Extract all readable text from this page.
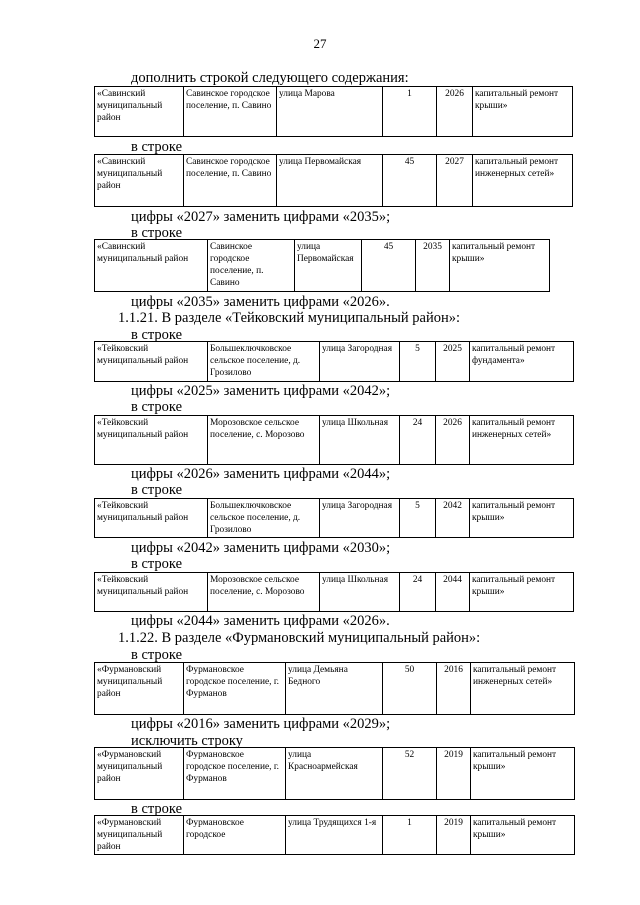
27
дополнить строкой следующего содержания:
в строке
цифры «2027» заменить цифрами «2035»;
в строке
цифры «2035» заменить цифрами «2026».
1.1.21. В разделе «Тейковский муниципальный район»:
в строке
цифры «2025» заменить цифрами «2042»;
в строке
цифры «2026» заменить цифрами «2044»;
в строке
цифры «2042» заменить цифрами «2030»;
в строке
цифры «2044» заменить цифрами «2026».
1.1.22. В разделе «Фурмановский муниципальный район»:
в строке
цифры «2016» заменить цифрами «2029»;
исключить строку
в строке
«Савинский муниципальный район	Савинское городское поселение, п. Савино	улица Марова	1	2026	капитальный ремонт крыши»
«Савинский муниципальный район	Савинское городское поселение, п. Савино	улица Первомайская	45	2027	капитальный ремонт инженерных сетей»
«Савинский муниципальный район	Савинское городское поселение, п. Савино	улица Первомайская	45	2035	капитальный ремонт крыши»
«Тейковский муниципальный район	Большеключковское сельское поселение, д. Грозилово	улица Загородная	5	2025	капитальный ремонт фундамента»
«Тейковский муниципальный район	Морозовское сельское поселение, с. Морозово	улица Школьная	24	2026	капитальный ремонт инженерных сетей»
«Тейковский муниципальный район	Большеключковское сельское поселение, д. Грозилово	улица Загородная	5	2042	капитальный ремонт крыши»
«Тейковский муниципальный район	Морозовское сельское поселение, с. Морозово	улица Школьная	24	2044	капитальный ремонт крыши»
«Фурмановский муниципальный район	Фурмановское городское поселение, г. Фурманов	улица Демьяна Бедного	50	2016	капитальный ремонт инженерных сетей»
«Фурмановский муниципальный район	Фурмановское городское поселение, г. Фурманов	улица Красноармейская	52	2019	капитальный ремонт крыши»
«Фурмановский муниципальный район	Фурмановское городское	улица Трудящихся 1-я	1	2019	капитальный ремонт крыши»
